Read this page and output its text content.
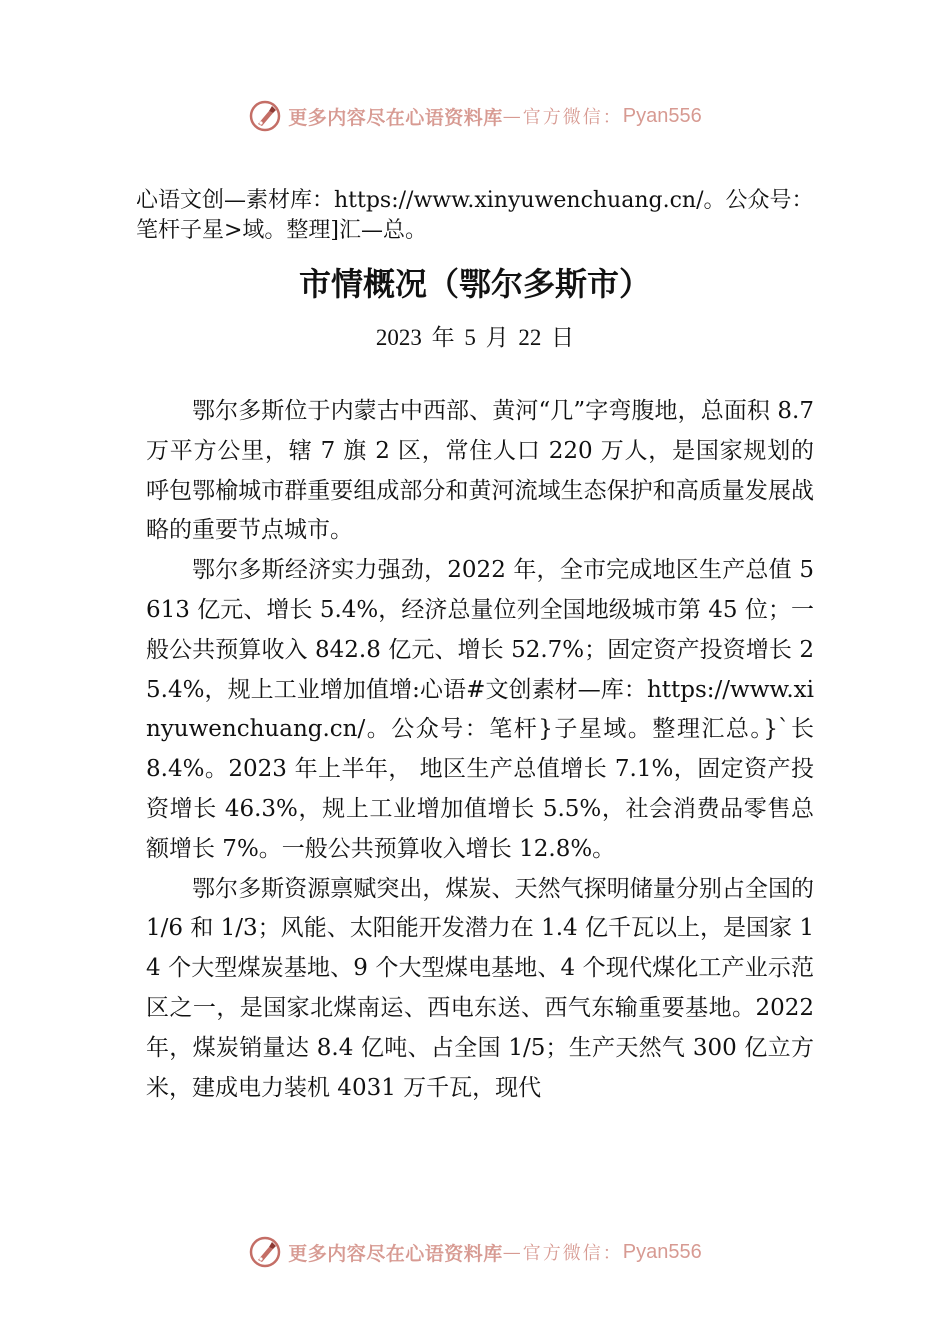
更多内容尽在心语资料库 — 官方微信： Pyan556
心语文创—素材库：https://www.xinyuwenchuang.cn/。公众号：笔杆子星>域。整理]汇—总。
市情概况（鄂尔多斯市）
2023 年 5 月 22 日

鄂尔多斯位于内蒙古中西部、黄河“几”字弯腹地，总面积 8.7 万平方公里，辖 7 旗 2 区，常住人口 220 万人，是国家规划的呼包鄂榆城市群重要组成部分和黄河流域生态保护和高质量发展战略的重要节点城市。

鄂尔多斯经济实力强劲，2022 年，全市完成地区生产总值 5613 亿元、增长 5.4%，经济总量位列全国地级城市第 45 位；一般公共预算收入 842.8 亿元、增长 52.7%；固定资产投资增长 25.4%，规上工业增加值增:心语#文创素材—库：https://www.xinyuwenchuang.cn/。公众号：笔杆}子星域。整理汇总。}`长 8.4%。2023 年上半年， 地区生产总值增长 7.1%，固定资产投资增长 46.3%，规上工业增加值增长 5.5%，社会消费品零售总额增长 7%。一般公共预算收入增长 12.8%。

鄂尔多斯资源禀赋突出，煤炭、天然气探明储量分别占全国的 1/6 和 1/3；风能、太阳能开发潜力在 1.4 亿千瓦以上，是国家 14 个大型煤炭基地、9 个大型煤电基地、4 个现代煤化工产业示范区之一，是国家北煤南运、西电东送、西气东输重要基地。2022 年，煤炭销量达 8.4 亿吨、占全国 1/5；生产天然气 300 亿立方米，建成电力装机 4031 万千瓦，现代

更多内容尽在心语资料库 — 官方微信： Pyan556
